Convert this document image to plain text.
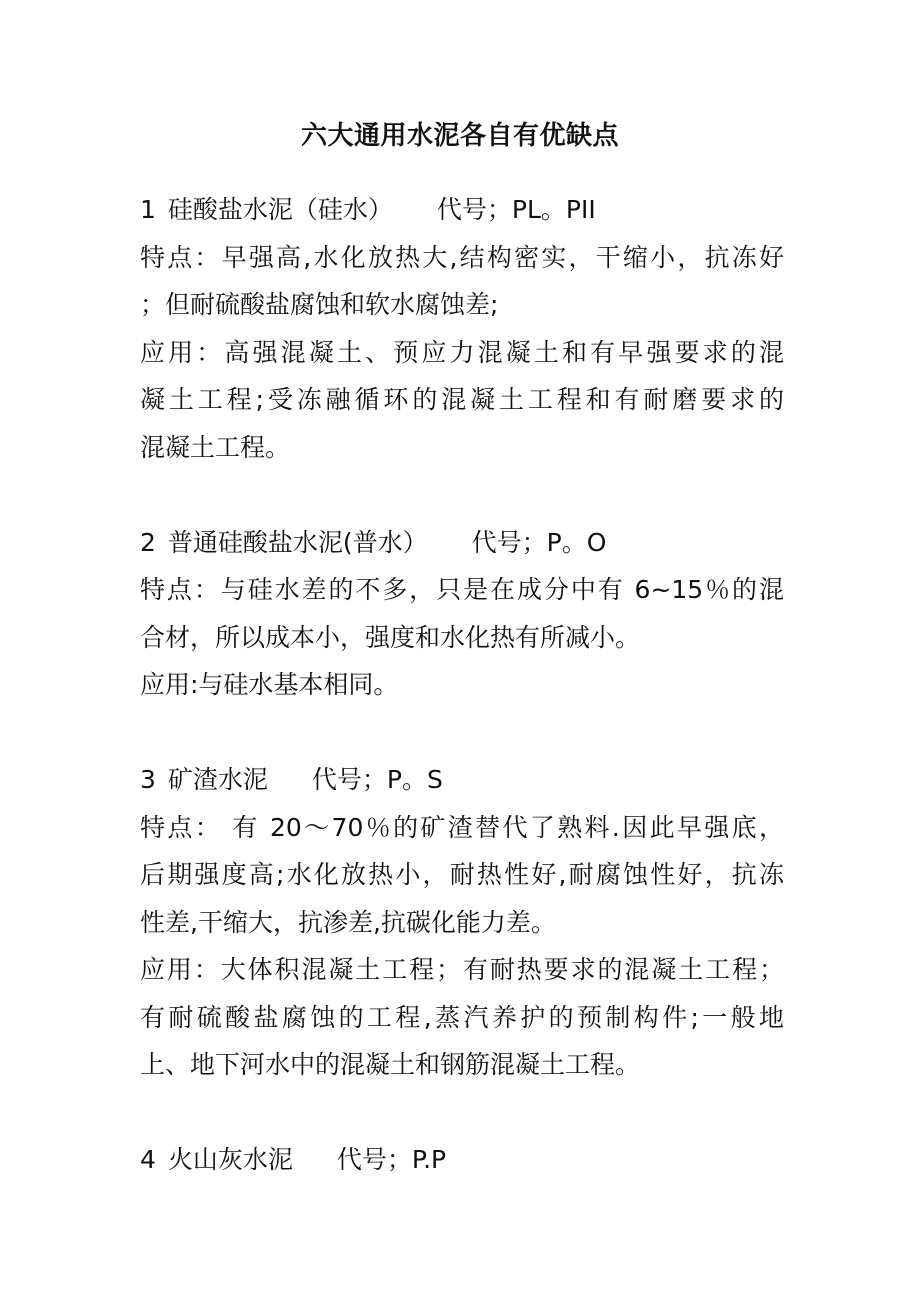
六大通用水泥各自有优缺点
1 硅酸盐水泥（硅水） 代号；PL。PII
特点：早强高,水化放热大,结构密实，干缩小，抗冻好
；但耐硫酸盐腐蚀和软水腐蚀差;
应用：高强混凝土、预应力混凝土和有早强要求的混
凝土工程;受冻融循环的混凝土工程和有耐磨要求的
混凝土工程。
2 普通硅酸盐水泥(普水） 代号；P。O
特点：与硅水差的不多，只是在成分中有 6~15％的混
合材，所以成本小，强度和水化热有所减小。
应用:与硅水基本相同。
3 矿渣水泥 代号；P。S
特点： 有 20～70％的矿渣替代了熟料.因此早强底，
后期强度高;水化放热小，耐热性好,耐腐蚀性好，抗冻
性差,干缩大，抗渗差,抗碳化能力差。
应用：大体积混凝土工程；有耐热要求的混凝土工程；
有耐硫酸盐腐蚀的工程,蒸汽养护的预制构件;一般地
上、地下河水中的混凝土和钢筋混凝土工程。
4 火山灰水泥 代号；P.P
